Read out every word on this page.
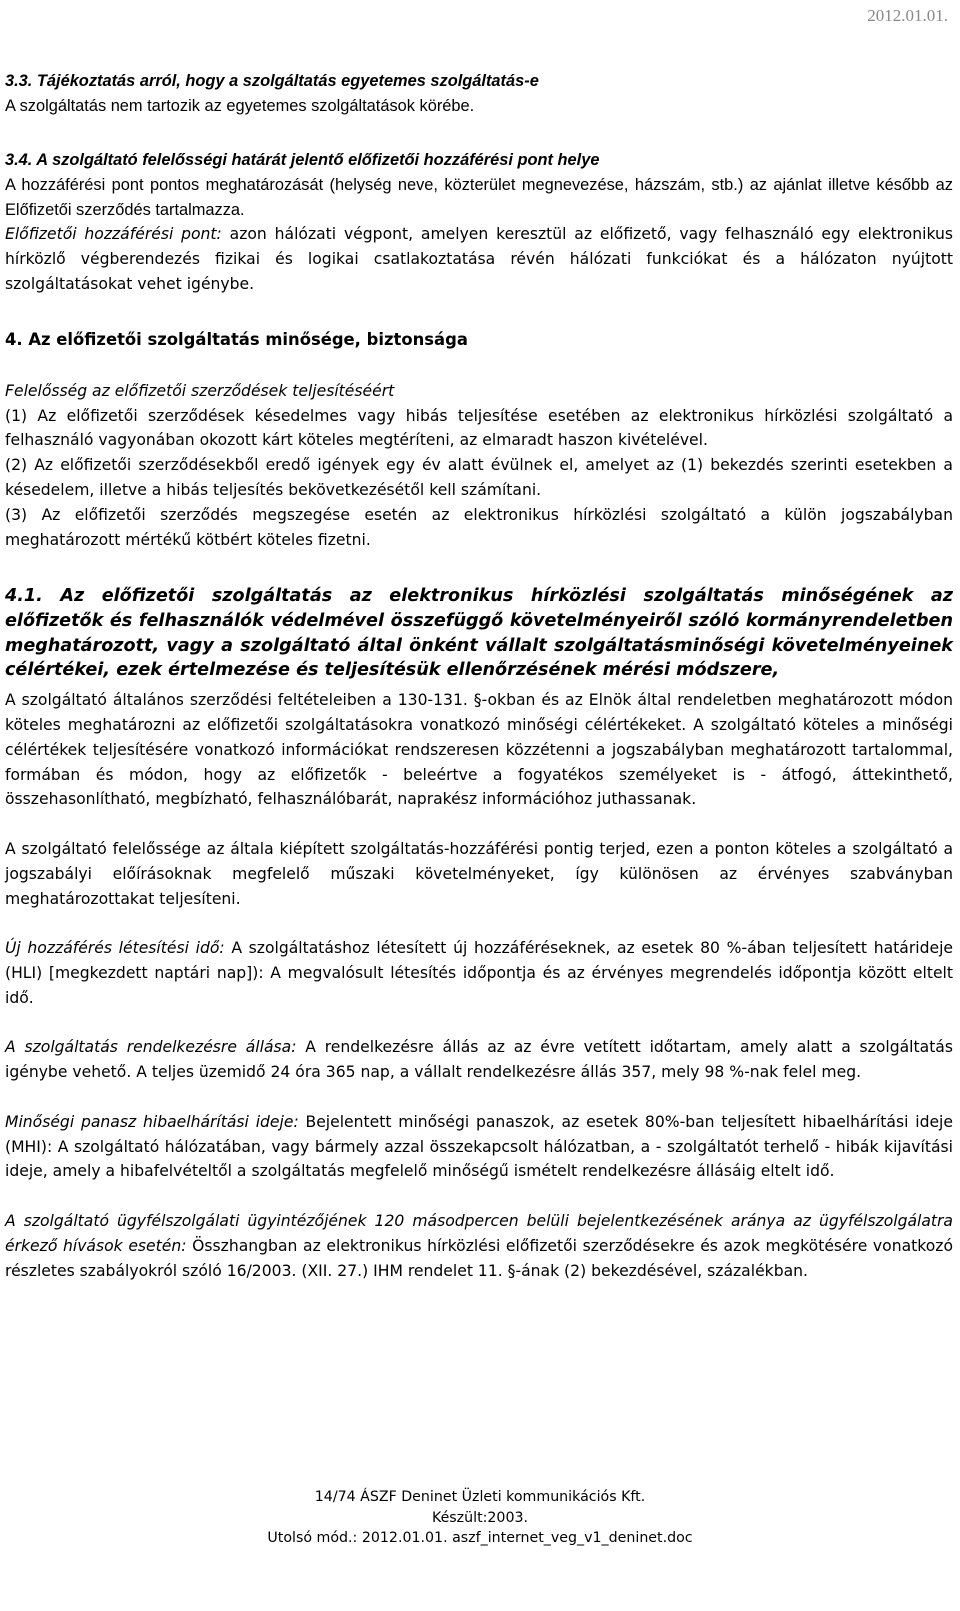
2012.01.01.

3.3. Tájékoztatás arról, hogy a szolgáltatás egyetemes szolgáltatás-e

A szolgáltatás nem tartozik az egyetemes szolgáltatások körébe.

3.4. A szolgáltató felelősségi határát jelentő előfizetői hozzáférési pont helye

A hozzáférési pont pontos meghatározását (helység neve, közterület megnevezése, házszám, stb.) az ajánlat illetve később az Előfizetői szerződés tartalmazza.

Előfizetői hozzáférési pont: azon hálózati végpont, amelyen keresztül az előfizető, vagy felhasználó egy elektronikus hírközlő végberendezés fizikai és logikai csatlakoztatása révén hálózati funkciókat és a hálózaton nyújtott szolgáltatásokat vehet igénybe.

4. Az előfizetői szolgáltatás minősége, biztonsága

Felelősség az előfizetői szerződések teljesítéséért

(1) Az előfizetői szerződések késedelmes vagy hibás teljesítése esetében az elektronikus hírközlési szolgáltató a felhasználó vagyonában okozott kárt köteles megtéríteni, az elmaradt haszon kivételével.

(2) Az előfizetői szerződésekből eredő igények egy év alatt évülnek el, amelyet az (1) bekezdés szerinti esetekben a késedelem, illetve a hibás teljesítés bekövetkezésétől kell számítani.

(3) Az előfizetői szerződés megszegése esetén az elektronikus hírközlési szolgáltató a külön jogszabályban meghatározott mértékű kötbért köteles fizetni.

4.1. Az előfizetői szolgáltatás az elektronikus hírközlési szolgáltatás minőségének az előfizetők és felhasználók védelmével összefüggő követelményeiről szóló kormányrendeletben meghatározott, vagy a szolgáltató által önként vállalt szolgáltatásminőségi követelményeinek célértékei, ezek értelmezése és teljesítésük ellenőrzésének mérési módszere,

A szolgáltató általános szerződési feltételeiben a 130-131. §-okban és az Elnök által rendeletben meghatározott módon köteles meghatározni az előfizetői szolgáltatásokra vonatkozó minőségi célértékeket. A szolgáltató köteles a minőségi célértékek teljesítésére vonatkozó információkat rendszeresen közzétenni a jogszabályban meghatározott tartalommal, formában és módon, hogy az előfizetők - beleértve a fogyatékos személyeket is - átfogó, áttekinthető, összehasonlítható, megbízható, felhasználóbarát, naprakész információhoz juthassanak.

A szolgáltató felelőssége az általa kiépített szolgáltatás-hozzáférési pontig terjed, ezen a ponton köteles a szolgáltató a jogszabályi előírásoknak megfelelő műszaki követelményeket, így különösen az érvényes szabványban meghatározottakat teljesíteni.

Új hozzáférés létesítési idő: A szolgáltatáshoz létesített új hozzáféréseknek, az esetek 80 %-ában teljesített határideje (HLI) [megkezdett naptári nap]): A megvalósult létesítés időpontja és az érvényes megrendelés időpontja között eltelt idő.

A szolgáltatás rendelkezésre állása: A rendelkezésre állás az az évre vetített időtartam, amely alatt a szolgáltatás igénybe vehető. A teljes üzemidő 24 óra 365 nap, a vállalt rendelkezésre állás 357, mely 98 %-nak felel meg.

Minőségi panasz hibaelhárítási ideje: Bejelentett minőségi panaszok, az esetek 80%-ban teljesített hibaelhárítási ideje (MHI): A szolgáltató hálózatában, vagy bármely azzal összekapcsolt hálózatban, a - szolgáltatót terhelő - hibák kijavítási ideje, amely a hibafelvételtől a szolgáltatás megfelelő minőségű ismételt rendelkezésre állásáig eltelt idő.

A szolgáltató ügyfélszolgálati ügyintézőjének 120 másodpercen belüli bejelentkezésének aránya az ügyfélszolgálatra érkező hívások esetén: Összhangban az elektronikus hírközlési előfizetői szerződésekre és azok megkötésére vonatkozó részletes szabályokról szóló 16/2003. (XII. 27.) IHM rendelet 11. §-ának (2) bekezdésével, százalékban.

14/74 ÁSZF Deninet Üzleti kommunikációs Kft.
Készült:2003.
Utolsó mód.: 2012.01.01. aszf_internet_veg_v1_deninet.doc
